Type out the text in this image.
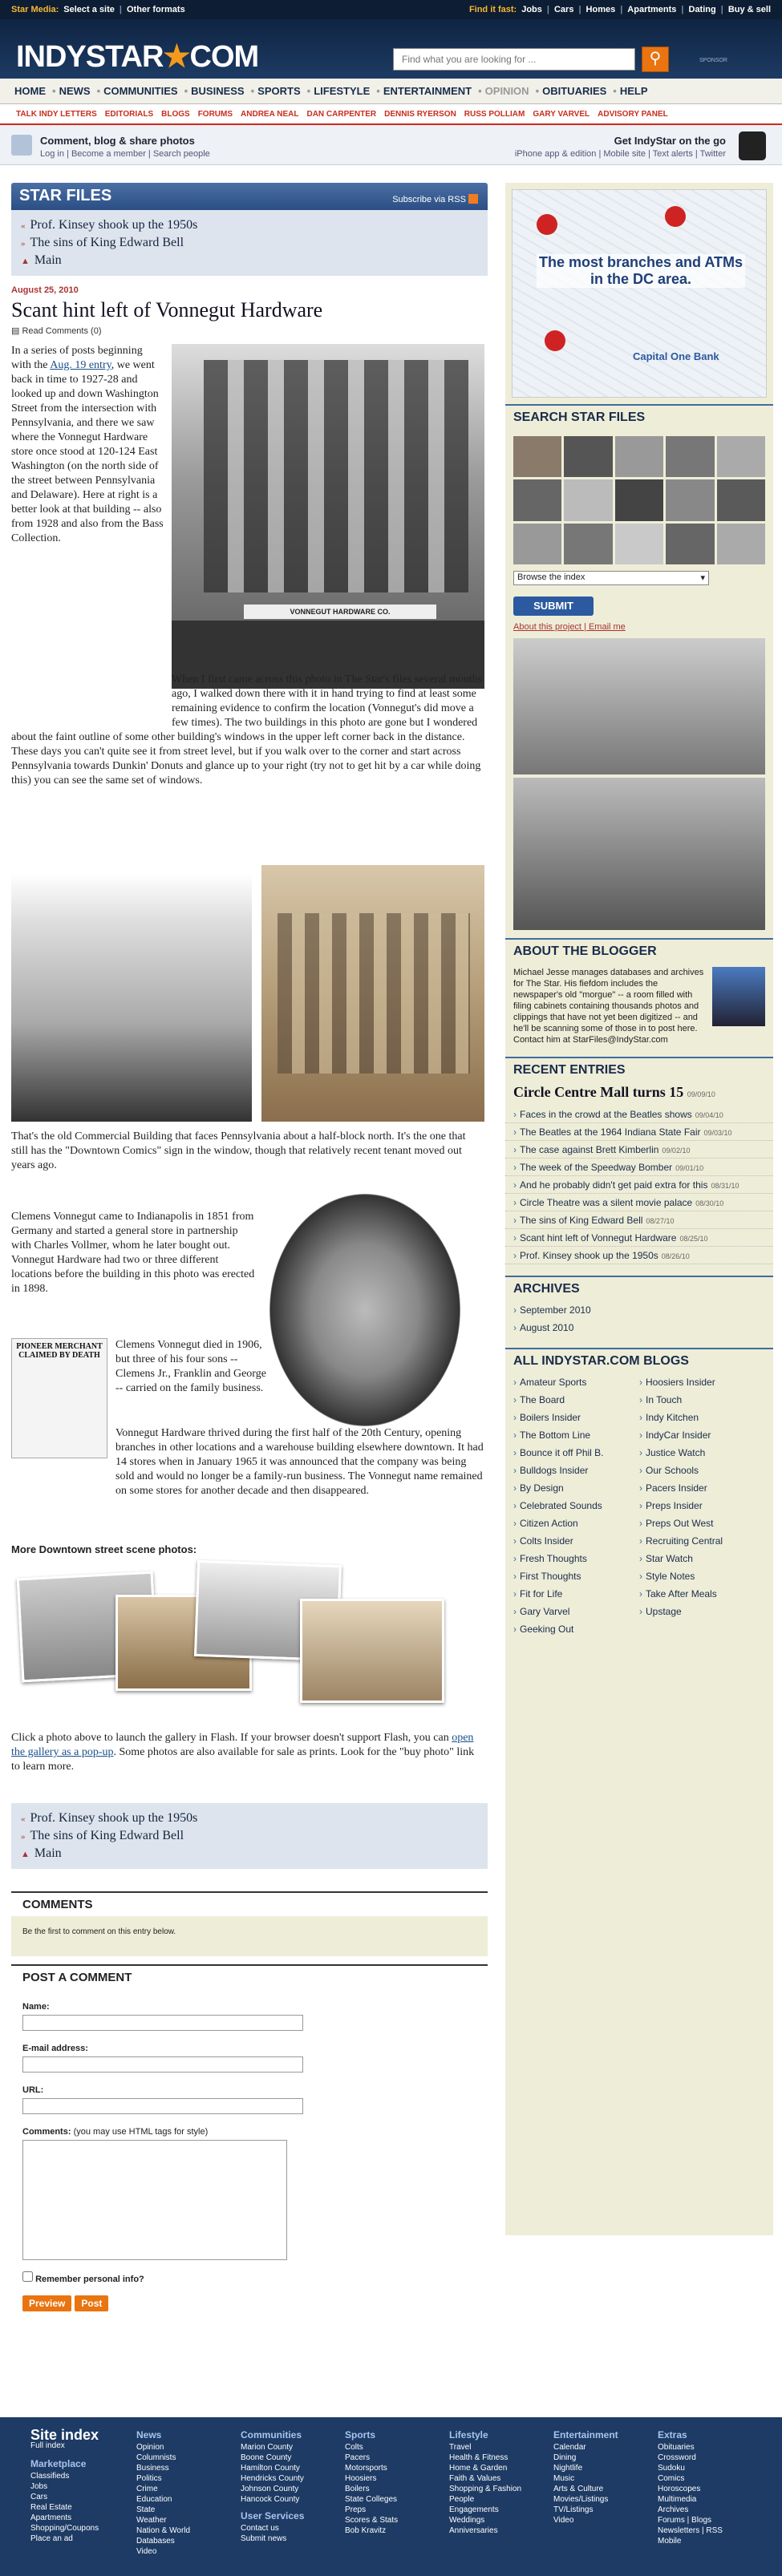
Star Media: Select a site | Other formats	Find it fast: Jobs | Cars | Homes | Apartments | Dating | Buy & sell
INDYSTAR★COM
Find what you are looking for ...	⚲	SPONSOR
HOME • NEWS • COMMUNITIES • BUSINESS • SPORTS • LIFESTYLE • ENTERTAINMENT • OPINION • OBITUARIES • HELP
TALK INDY LETTERS EDITORIALS BLOGS FORUMS ANDREA NEAL DAN CARPENTER DENNIS RYERSON RUSS POLLIAM GARY VARVEL ADVISORY PANEL
Comment, blog & share photos
Log in | Become a member | Search people
Get IndyStar on the go
iPhone app & edition | Mobile site | Text alerts | Twitter
STAR FILES	Subscribe via RSS
« Prof. Kinsey shook up the 1950s
» The sins of King Edward Bell
▲ Main
August 25, 2010
Scant hint left of Vonnegut Hardware
▤ Read Comments (0)
VONNEGUT HARDWARE CO.
In a series of posts beginning with the Aug. 19 entry, we went back in time to 1927-28 and looked up and down Washington Street from the intersection with Pennsylvania, and there we saw where the Vonnegut Hardware store once stood at 120-124 East Washington (on the north side of the street between Pennsylvania and Delaware). Here at right is a better look at that building -- also from 1928 and also from the Bass Collection.
When I first came across this photo in The Star's files several months ago, I walked down there with it in hand trying to find at least some remaining evidence to confirm the location (Vonnegut's did move a few times). The two buildings in this photo are gone but I wondered about the faint outline of some other building's windows in the upper left corner back in the distance. These days you can't quite see it from street level, but if you walk over to the corner and start across Pennsylvania towards Dunkin' Donuts and glance up to your right (try not to get hit by a car while doing this) you can see the same set of windows.
That's the old Commercial Building that faces Pennsylvania about a half-block north. It's the one that still has the "Downtown Comics" sign in the window, though that relatively recent tenant moved out years ago.
Clemens Vonnegut came to Indianapolis in 1851 from Germany and started a general store in partnership with Charles Vollmer, whom he later bought out. Vonnegut Hardware had two or three different locations before the building in this photo was erected in 1898.
PIONEER MERCHANT CLAIMED BY DEATH
Clemens Vonnegut died in 1906, but three of his four sons -- Clemens Jr., Franklin and George -- carried on the family business.
Vonnegut Hardware thrived during the first half of the 20th Century, opening branches in other locations and a warehouse building elsewhere downtown. It had 14 stores when in January 1965 it was announced that the company was being sold and would no longer be a family-run business. The Vonnegut name remained on some stores for another decade and then disappeared.
More Downtown street scene photos:
Click a photo above to launch the gallery in Flash. If your browser doesn't support Flash, you can open the gallery as a pop-up. Some photos are also available for sale as prints. Look for the "buy photo" link to learn more.
« Prof. Kinsey shook up the 1950s
» The sins of King Edward Bell
▲ Main
COMMENTS
Be the first to comment on this entry below.
POST A COMMENT
Name:
E-mail address:
URL:
Comments: (you may use HTML tags for style)
Remember personal info?
Preview Post
The most branches and ATMs in the DC area.
Capital One Bank
SEARCH STAR FILES
Browse the index	▾
SUBMIT
About this project | Email me
ABOUT THE BLOGGER
Michael Jesse manages databases and archives for The Star. His fiefdom includes the newspaper's old "morgue" -- a room filled with filing cabinets containing thousands photos and clippings that have not yet been digitized -- and he'll be scanning some of those in to post here. Contact him at StarFiles@IndyStar.com
RECENT ENTRIES
Circle Centre Mall turns 15 09/09/10
› Faces in the crowd at the Beatles shows 09/04/10
› The Beatles at the 1964 Indiana State Fair 09/03/10
› The case against Brett Kimberlin 09/02/10
› The week of the Speedway Bomber 09/01/10
› And he probably didn't get paid extra for this 08/31/10
› Circle Theatre was a silent movie palace 08/30/10
› The sins of King Edward Bell 08/27/10
› Scant hint left of Vonnegut Hardware 08/25/10
› Prof. Kinsey shook up the 1950s 08/26/10
ARCHIVES
› September 2010
› August 2010
ALL INDYSTAR.COM BLOGS
› Amateur Sports	› Hoosiers Insider
› The Board	› In Touch
› Boilers Insider	› Indy Kitchen
› The Bottom Line	› IndyCar Insider
› Bounce it off Phil B.	› Justice Watch
› Bulldogs Insider	› Our Schools
› By Design	› Pacers Insider
› Celebrated Sounds	› Preps Insider
› Citizen Action	› Preps Out West
› Colts Insider	› Recruiting Central
› Fresh Thoughts	› Star Watch
› First Thoughts	› Style Notes
› Fit for Life	› Take After Meals
› Gary Varvel	› Upstage
› Geeking Out
Site index
Full index
Marketplace
Classifieds
Jobs
Cars
Real Estate
Apartments
Shopping/Coupons
Place an ad
News
Opinion
Columnists
Business
Politics
Crime
Education
State
Weather
Nation & World
Databases
Video
Communities
Marion County
Boone County
Hamilton County
Hendricks County
Johnson County
Hancock County
User Services
Contact us
Submit news
Sports
Colts
Pacers
Motorsports
Hoosiers
Boilers
State Colleges
Preps
Scores & Stats
Bob Kravitz
Lifestyle
Travel
Health & Fitness
Home & Garden
Faith & Values
Shopping & Fashion
People
Engagements
Weddings
Anniversaries
Entertainment
Calendar
Dining
Nightlife
Music
Arts & Culture
Movies/Listings
TV/Listings
Video
Extras
Obituaries
Crossword
Sudoku
Comics
Horoscopes
Multimedia
Archives
Forums | Blogs
Newsletters | RSS
Mobile
